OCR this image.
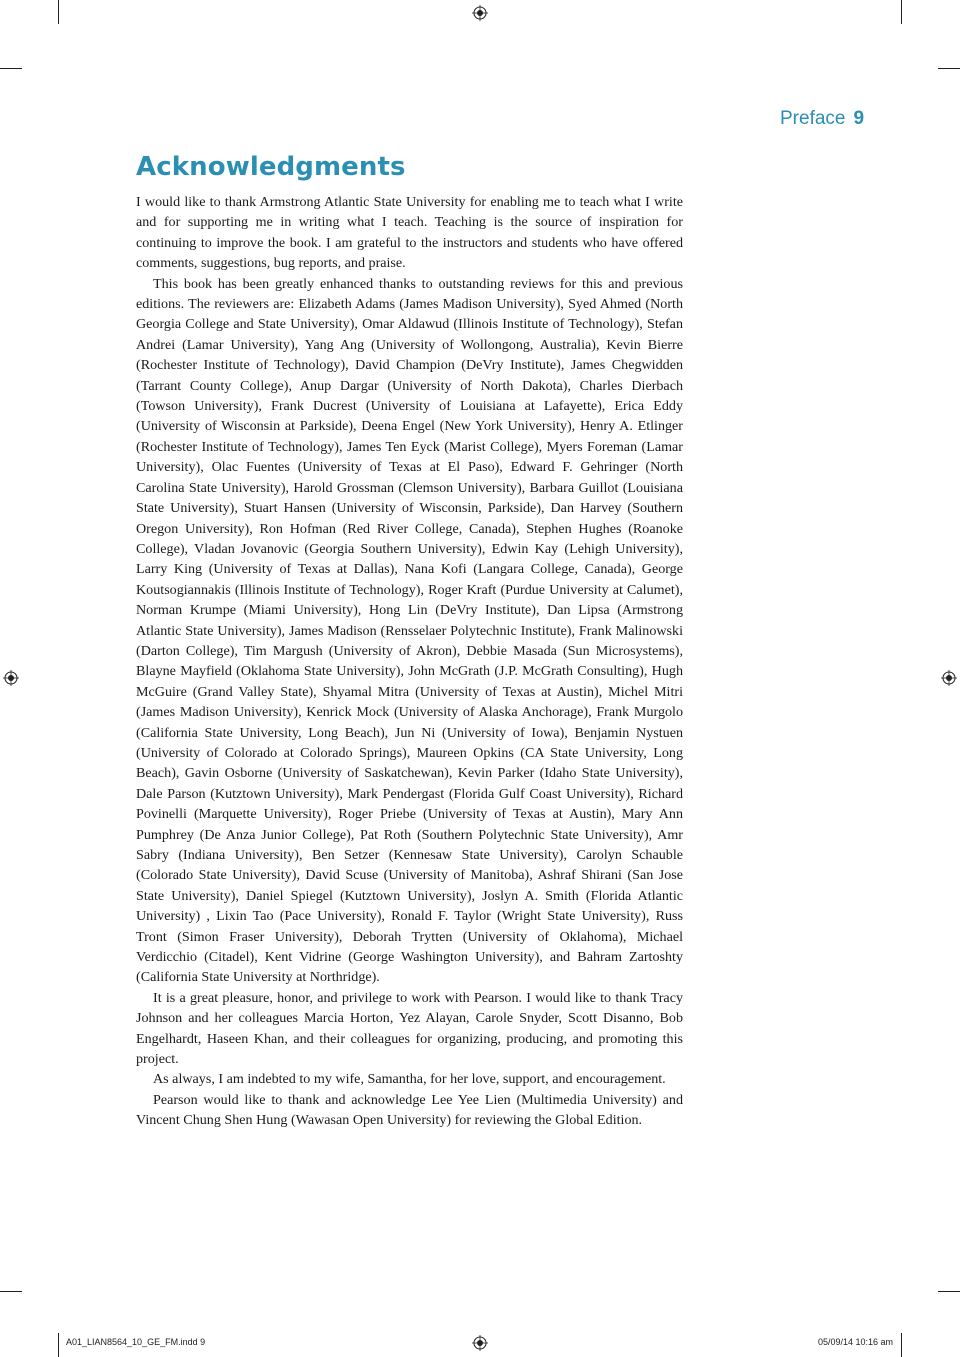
Preface 9
Acknowledgments

I would like to thank Armstrong Atlantic State University for enabling me to teach what I write and for supporting me in writing what I teach. Teaching is the source of inspiration for continuing to improve the book. I am grateful to the instructors and students who have offered comments, suggestions, bug reports, and praise.

This book has been greatly enhanced thanks to outstanding reviews for this and previous editions. The reviewers are: Elizabeth Adams (James Madison University), Syed Ahmed (North Georgia College and State University), Omar Aldawud (Illinois Institute of Technology), Stefan Andrei (Lamar University), Yang Ang (University of Wollongong, Australia), Kevin Bierre (Rochester Institute of Technology), David Champion (DeVry Institute), James Chegwidden (Tarrant County College), Anup Dargar (University of North Dakota), Charles Dierbach (Towson University), Frank Ducrest (University of Louisiana at Lafayette), Erica Eddy (University of Wisconsin at Parkside), Deena Engel (New York University), Henry A. Etlinger (Rochester Institute of Technology), James Ten Eyck (Marist College), Myers Foreman (Lamar University), Olac Fuentes (University of Texas at El Paso), Edward F. Gehringer (North Carolina State University), Harold Grossman (Clemson University), Barbara Guillot (Louisiana State University), Stuart Hansen (University of Wisconsin, Parkside), Dan Harvey (Southern Oregon University), Ron Hofman (Red River College, Canada), Stephen Hughes (Roanoke College), Vladan Jovanovic (Georgia Southern University), Edwin Kay (Lehigh University), Larry King (University of Texas at Dallas), Nana Kofi (Langara College, Canada), George Koutsogiannakis (Illinois Institute of Technology), Roger Kraft (Purdue University at Calumet), Norman Krumpe (Miami University), Hong Lin (DeVry Institute), Dan Lipsa (Armstrong Atlantic State University), James Madison (Rensselaer Polytechnic Institute), Frank Malinowski (Darton College), Tim Margush (University of Akron), Debbie Masada (Sun Microsystems), Blayne Mayfield (Oklahoma State University), John McGrath (J.P. McGrath Consulting), Hugh McGuire (Grand Valley State), Shyamal Mitra (University of Texas at Austin), Michel Mitri (James Madison University), Kenrick Mock (University of Alaska Anchorage), Frank Murgolo (California State University, Long Beach), Jun Ni (University of Iowa), Benjamin Nystuen (University of Colorado at Colorado Springs), Maureen Opkins (CA State University, Long Beach), Gavin Osborne (University of Saskatchewan), Kevin Parker (Idaho State University), Dale Parson (Kutztown University), Mark Pendergast (Florida Gulf Coast University), Richard Povinelli (Marquette University), Roger Priebe (University of Texas at Austin), Mary Ann Pumphrey (De Anza Junior College), Pat Roth (Southern Polytechnic State University), Amr Sabry (Indiana University), Ben Setzer (Kennesaw State University), Carolyn Schauble (Colorado State University), David Scuse (University of Manitoba), Ashraf Shirani (San Jose State University), Daniel Spiegel (Kutztown University), Joslyn A. Smith (Florida Atlantic University) , Lixin Tao (Pace University), Ronald F. Taylor (Wright State University), Russ Tront (Simon Fraser University), Deborah Trytten (University of Oklahoma), Michael Verdicchio (Citadel), Kent Vidrine (George Washington University), and Bahram Zartoshty (California State University at Northridge).

It is a great pleasure, honor, and privilege to work with Pearson. I would like to thank Tracy Johnson and her colleagues Marcia Horton, Yez Alayan, Carole Snyder, Scott Disanno, Bob Engelhardt, Haseen Khan, and their colleagues for organizing, producing, and promoting this project.

As always, I am indebted to my wife, Samantha, for her love, support, and encouragement.

Pearson would like to thank and acknowledge Lee Yee Lien (Multimedia University) and Vincent Chung Shen Hung (Wawasan Open University) for reviewing the Global Edition.

A01_LIAN8564_10_GE_FM.indd 9	05/09/14 10:16 am
